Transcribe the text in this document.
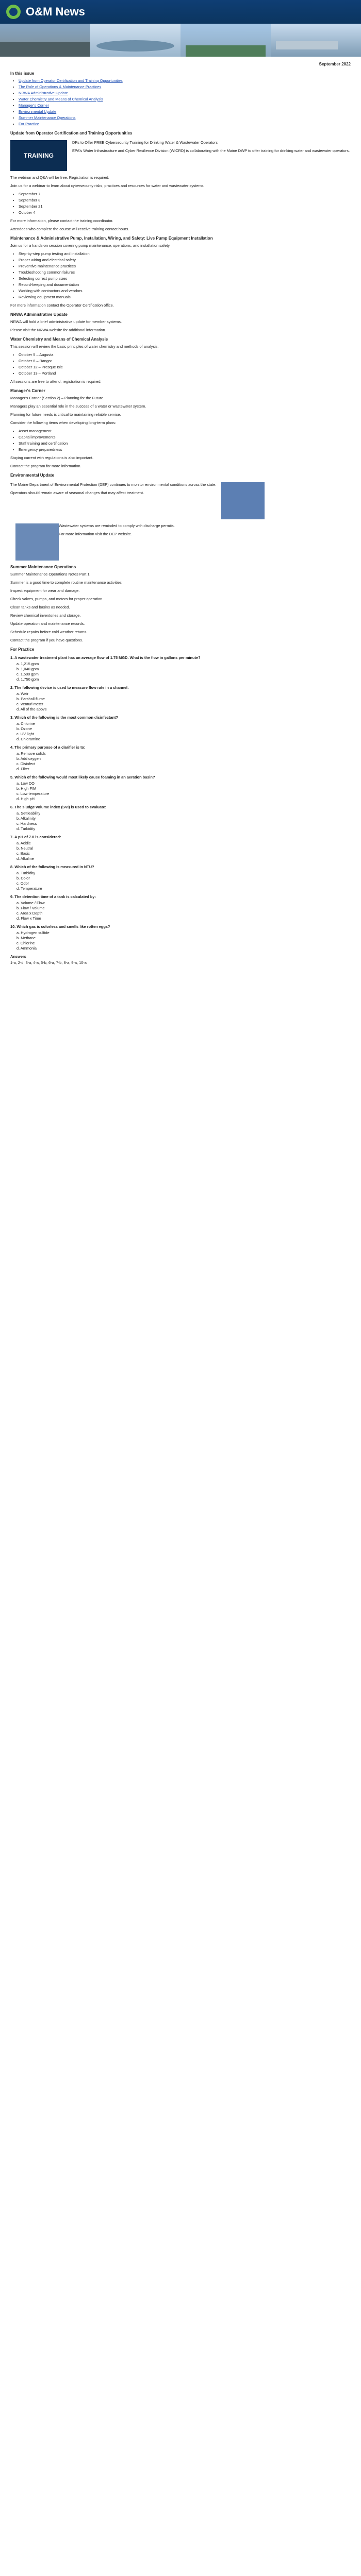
O&M News
September 2022
In this issue
• Update from Operator Certification and Training Opportunities
• The Role of Operations & Maintenance Practices
• NRWA Administrative Update
• Water Chemistry and Means of Chemical Analysis
• Manager's Corner
• Environmental Update
• Summer Maintenance Operations
• For Practice
Update from Operator Certification and Training Opportunities
TRAINING
DPs to Offer FREE Cybersecurity Training for Drinking Water & Wastewater Operators
EPA's Water Infrastructure and Cyber Resilience Division (WICRD) is collaborating with the Maine DWP to offer training for drinking water and wastewater operators.
The webinar and Q&A will be free. Registration is required.
Join us for a webinar to learn about cybersecurity risks, practices and resources for water and wastewater systems.
• September 7
• September 8
• September 21
• October 4
For more information, please contact the training coordinator.
Attendees who complete the course will receive training contact hours.
Maintenance & Administrative Pump, Installation, Wiring, and Safety: Live Pump Equipment Installation
Join us for a hands-on session covering pump maintenance, operations, and installation safety.
• Step-by-step pump testing and installation
• Proper wiring and electrical safety
• Preventive maintenance practices
• Troubleshooting common failures
• Selecting correct pump sizes
• Record-keeping and documentation
• Working with contractors and vendors
• Reviewing equipment manuals
For more information contact the Operator Certification office.
NRWA Administrative Update
NRWA will hold a brief administrative update for member systems.
Please visit the NRWA website for additional information.
Water Chemistry and Means of Chemical Analysis
This session will review the basic principles of water chemistry and methods of analysis.
• October 5 – Augusta
• October 6 – Bangor
• October 12 – Presque Isle
• October 13 – Portland
All sessions are free to attend; registration is required.
Manager's Corner
Manager's Corner (Section 2) – Planning for the Future
Managers play an essential role in the success of a water or wastewater system.
Planning for future needs is critical to maintaining reliable service.
Consider the following items when developing long-term plans:
• Asset management
• Capital improvements
• Staff training and certification
• Emergency preparedness
Staying current with regulations is also important.
Contact the program for more information.
Environmental Update
The Maine Department of Environmental Protection (DEP) continues to monitor environmental conditions across the state.
Operators should remain aware of seasonal changes that may affect treatment.
Wastewater systems are reminded to comply with discharge permits.
For more information visit the DEP website.
Summer Maintenance Operations
Summer Maintenance Operations Notes Part 1
Summer is a good time to complete routine maintenance activities.
Inspect equipment for wear and damage.
Check valves, pumps, and motors for proper operation.
Clean tanks and basins as needed.
Review chemical inventories and storage.
Update operation and maintenance records.
Schedule repairs before cold weather returns.
Contact the program if you have questions.
For Practice
1. A wastewater treatment plant has an average flow of 1.75 MGD. What is the flow in gallons per minute?
a. 1,215 gpm
b. 1,040 gpm
c. 1,500 gpm
d. 1,750 gpm
2. The following device is used to measure flow rate in a channel:
a. Weir
b. Parshall flume
c. Venturi meter
d. All of the above
3. Which of the following is the most common disinfectant?
a. Chlorine
b. Ozone
c. UV light
d. Chloramine
4. The primary purpose of a clarifier is to:
a. Remove solids
b. Add oxygen
c. Disinfect
d. Filter
5. Which of the following would most likely cause foaming in an aeration basin?
a. Low DO
b. High F/M
c. Low temperature
d. High pH
6. The sludge volume index (SVI) is used to evaluate:
a. Settleability
b. Alkalinity
c. Hardness
d. Turbidity
7. A pH of 7.0 is considered:
a. Acidic
b. Neutral
c. Basic
d. Alkaline
8. Which of the following is measured in NTU?
a. Turbidity
b. Color
c. Odor
d. Temperature
9. The detention time of a tank is calculated by:
a. Volume / Flow
b. Flow / Volume
c. Area x Depth
d. Flow x Time
10. Which gas is colorless and smells like rotten eggs?
a. Hydrogen sulfide
b. Methane
c. Chlorine
d. Ammonia
Answers
1-a, 2-d, 3-a, 4-a, 5-b, 6-a, 7-b, 8-a, 9-a, 10-a
